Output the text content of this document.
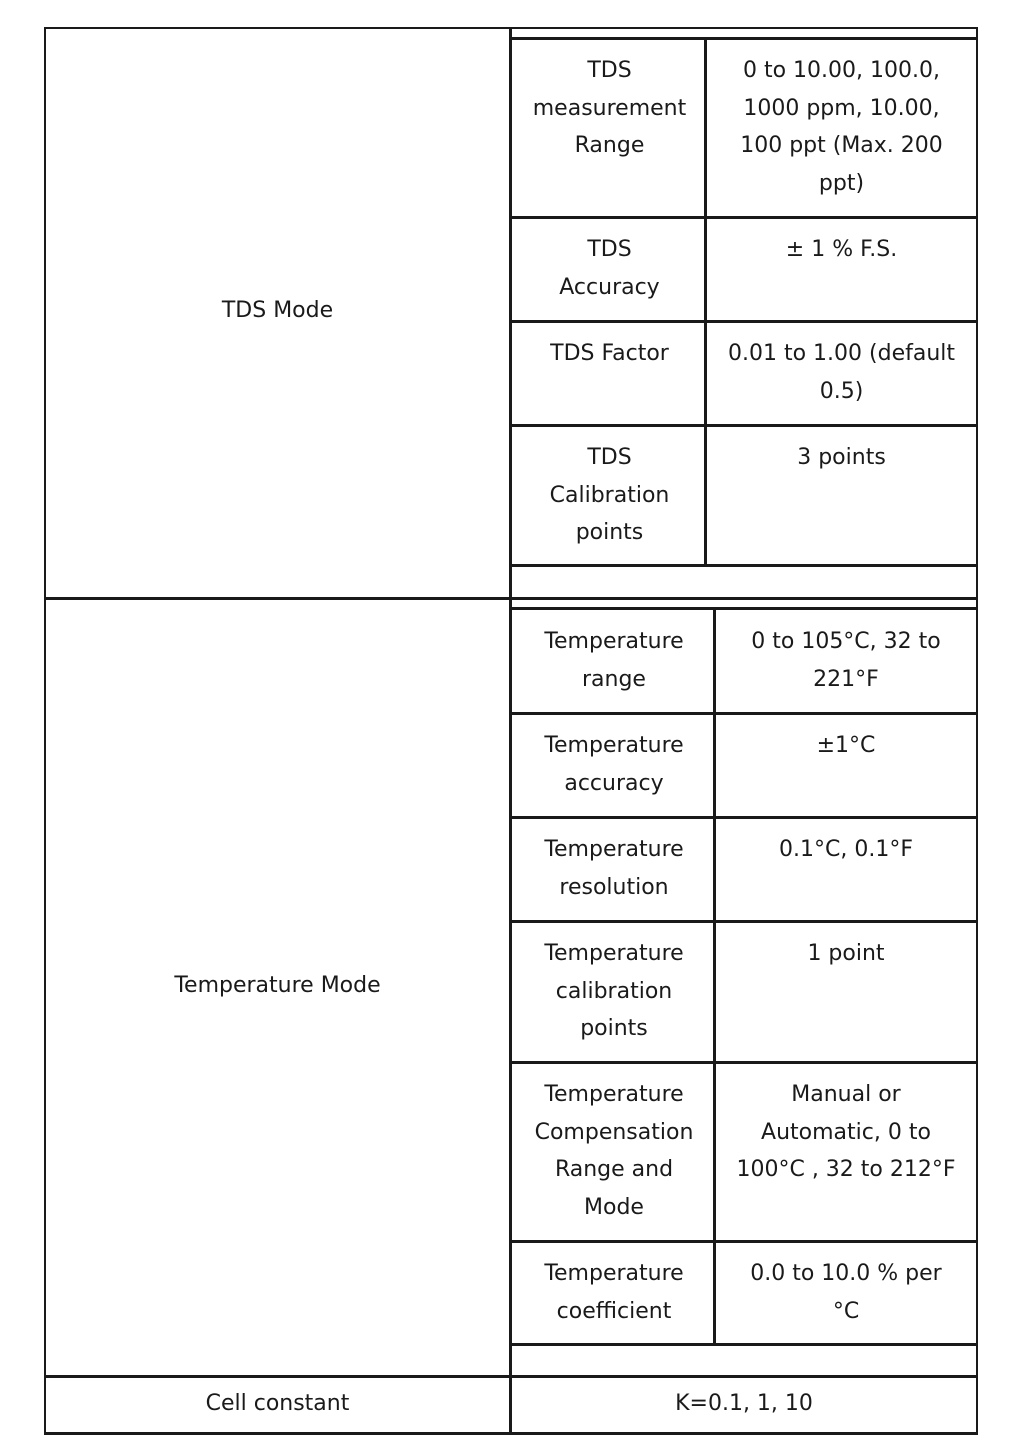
TDS Mode
Temperature Mode
TDS
measurement
Range
0 to 10.00, 100.0,
1000 ppm, 10.00,
100 ppt (Max. 200
ppt)
TDS
Accuracy
± 1 % F.S.
TDS Factor	0.01 to 1.00 (default
0.5)
TDS
Calibration
points
3 points
Temperature
range
0 to 105°C, 32 to
221°F
Temperature
accuracy
±1°C
Temperature
resolution
0.1°C, 0.1°F
Temperature
calibration
points
1 point
Temperature
Compensation
Range and
Mode
Manual or
Automatic, 0 to
100°C , 32 to 212°F
Temperature
coefficient
0.0 to 10.0 % per
°C
Cell constant	K=0.1, 1, 10
